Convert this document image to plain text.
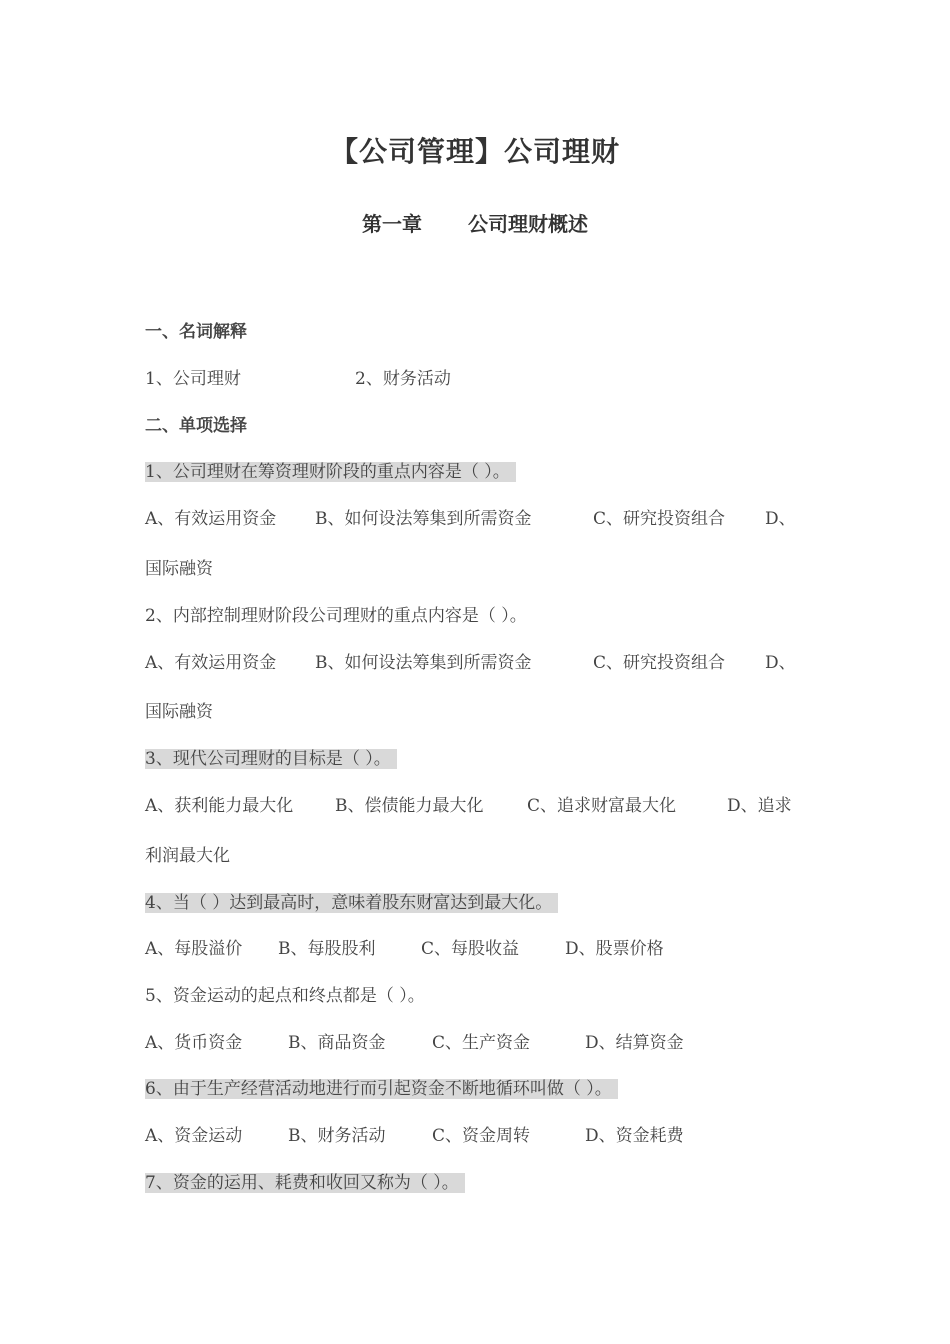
【公司管理】公司理财
第一章 公司理财概述
一、名词解释
1、公司理财	2、财务活动
二、单项选择
1、公司理财在筹资理财阶段的重点内容是（ ）。
A、有效运用资金 B、如何设法筹集到所需资金	C、研究投资组合 D、
国际融资
2、内部控制理财阶段公司理财的重点内容是（ ）。
A、有效运用资金 B、如何设法筹集到所需资金	C、研究投资组合 D、
国际融资
3、现代公司理财的目标是（ ）。
A、获利能力最大化 B、偿债能力最大化	C、追求财富最大化	D、追求
利润最大化
4、当（ ）达到最高时，意味着股东财富达到最大化。
A、每股溢价 B、每股股利	C、每股收益	D、股票价格
5、资金运动的起点和终点都是（ ）。
A、货币资金	B、商品资金	C、生产资金	D、结算资金
6、由于生产经营活动地进行而引起资金不断地循环叫做（ ）。
A、资金运动	B、财务活动	C、资金周转	D、资金耗费
7、资金的运用、耗费和收回又称为（ ）。
